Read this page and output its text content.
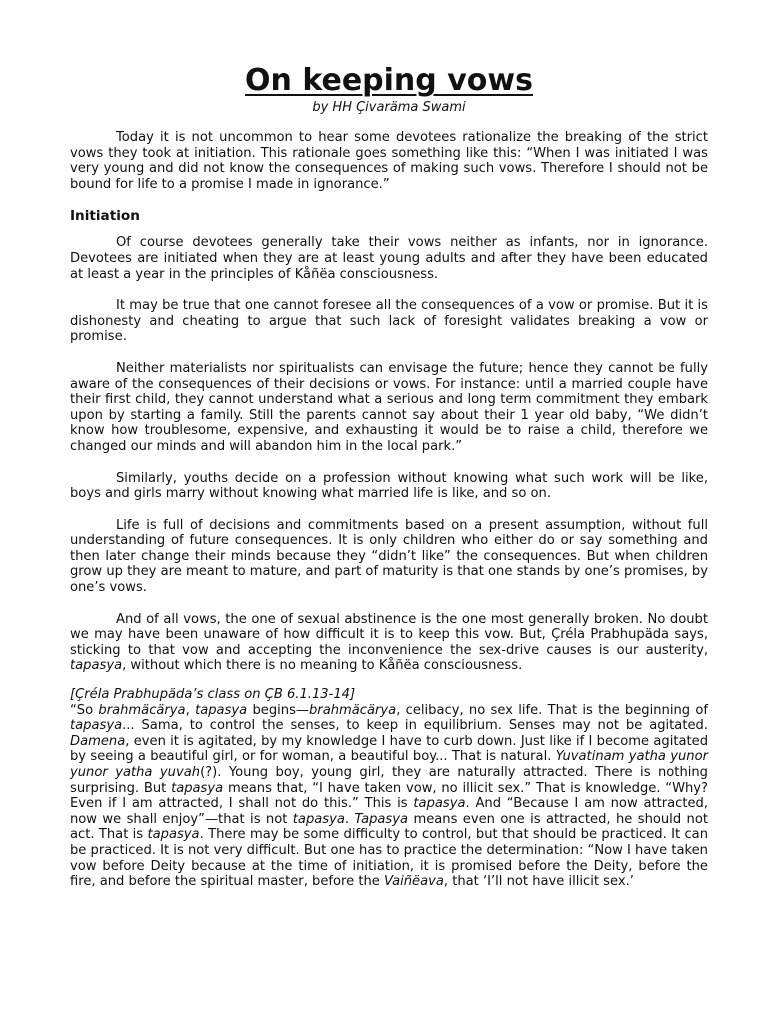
On keeping vows
by HH Çivaräma Swami

Today it is not uncommon to hear some devotees rationalize the breaking of the strict vows they took at initiation. This rationale goes something like this: “When I was initiated I was very young and did not know the consequences of making such vows. Therefore I should not be bound for life to a promise I made in ignorance.”

Initiation

Of course devotees generally take their vows neither as infants, nor in ignorance. Devotees are initiated when they are at least young adults and after they have been educated at least a year in the principles of Kåñëa consciousness.

It may be true that one cannot foresee all the consequences of a vow or promise. But it is dishonesty and cheating to argue that such lack of foresight validates breaking a vow or promise.

Neither materialists nor spiritualists can envisage the future; hence they cannot be fully aware of the consequences of their decisions or vows. For instance: until a married couple have their first child, they cannot understand what a serious and long term commitment they embark upon by starting a family. Still the parents cannot say about their 1 year old baby, “We didn’t know how troublesome, expensive, and exhausting it would be to raise a child, therefore we changed our minds and will abandon him in the local park.”

Similarly, youths decide on a profession without knowing what such work will be like, boys and girls marry without knowing what married life is like, and so on.

Life is full of decisions and commitments based on a present assumption, without full understanding of future consequences. It is only children who either do or say something and then later change their minds because they “didn’t like” the consequences. But when children grow up they are meant to mature, and part of maturity is that one stands by one’s promises, by one’s vows.

And of all vows, the one of sexual abstinence is the one most generally broken. No doubt we may have been unaware of how difficult it is to keep this vow. But, Çréla Prabhupäda says, sticking to that vow and accepting the inconvenience the sex-drive causes is our austerity, tapasya, without which there is no meaning to Kåñëa consciousness.

[Çréla Prabhupäda’s class on ÇB 6.1.13-14]

“So brahmäcärya, tapasya begins—brahmäcärya, celibacy, no sex life. That is the beginning of tapasya... Sama, to control the senses, to keep in equilibrium. Senses may not be agitated. Damena, even it is agitated, by my knowledge I have to curb down. Just like if I become agitated by seeing a beautiful girl, or for woman, a beautiful boy... That is natural. Yuvatinam yatha yunor yunor yatha yuvah(?). Young boy, young girl, they are naturally attracted. There is nothing surprising. But tapasya means that, “I have taken vow, no illicit sex.” That is knowledge. “Why? Even if I am attracted, I shall not do this.” This is tapasya. And “Because I am now attracted, now we shall enjoy”—that is not tapasya. Tapasya means even one is attracted, he should not act. That is tapasya. There may be some difficulty to control, but that should be practiced. It can be practiced. It is not very difficult. But one has to practice the determination: “Now I have taken vow before Deity because at the time of initiation, it is promised before the Deity, before the fire, and before the spiritual master, before the Vaiñëava, that ‘I’ll not have illicit sex.’
